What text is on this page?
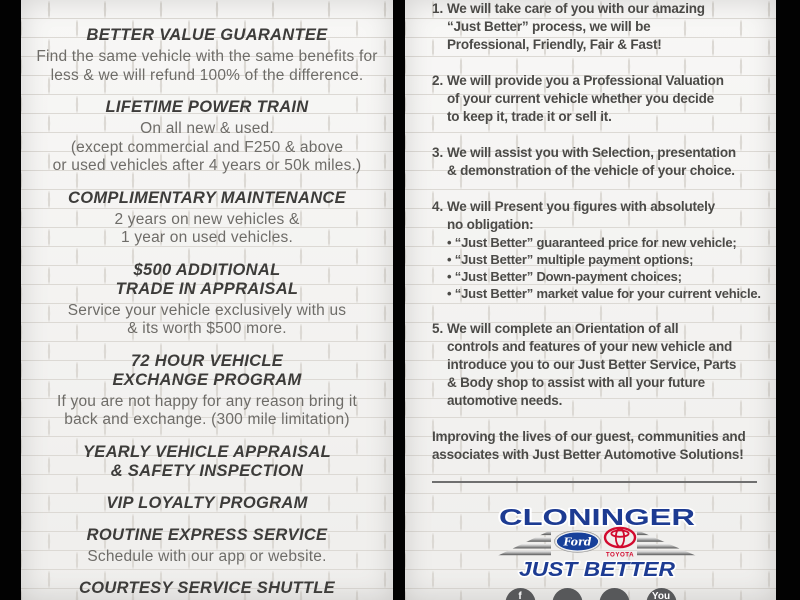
BETTER VALUE GUARANTEE
Find the same vehicle with the same benefits for
less & we will refund 100% of the difference.
LIFETIME POWER TRAIN
On all new & used.
(except commercial and F250 & above
or used vehicles after 4 years or 50k miles.)
COMPLIMENTARY MAINTENANCE
2 years on new vehicles &
1 year on used vehicles.
$500 ADDITIONAL
TRADE IN APPRAISAL
Service your vehicle exclusively with us
& its worth $500 more.
72 HOUR VEHICLE
EXCHANGE PROGRAM
If you are not happy for any reason bring it
back and exchange. (300 mile limitation)
YEARLY VEHICLE APPRAISAL
& SAFETY INSPECTION
VIP LOYALTY PROGRAM
ROUTINE EXPRESS SERVICE
Schedule with our app or website.
COURTESY SERVICE SHUTTLE
1. We will take care of you with our amazing
“Just Better” process, we will be
Professional, Friendly, Fair & Fast!
2. We will provide you a Professional Valuation
of your current vehicle whether you decide
to keep it, trade it or sell it.
3. We will assist you with Selection, presentation
& demonstration of the vehicle of your choice.
4. We will Present you figures with absolutely
no obligation:
• “Just Better” guaranteed price for new vehicle;
• “Just Better” multiple payment options;
• “Just Better” Down-payment choices;
• “Just Better” market value for your current vehicle.
5. We will complete an Orientation of all
controls and features of your new vehicle and
introduce you to our Just Better Service, Parts
& Body shop to assist with all your future
automotive needs.
Improving the lives of our guest, communities and
associates with Just Better Automotive Solutions!
CLONINGER
Ford
TOYOTA
JUST BETTER
f	You
